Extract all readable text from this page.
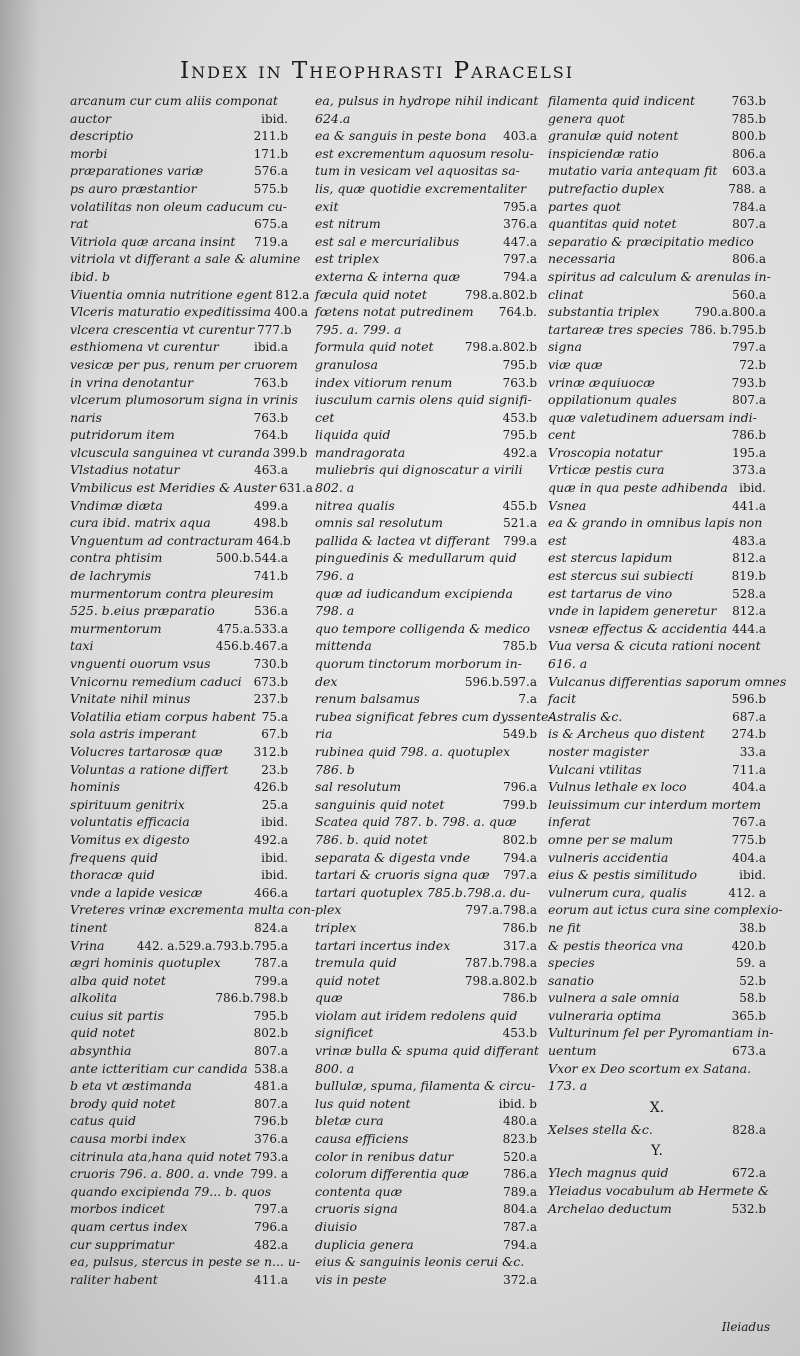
Index in Theophrasti Paracelsi
arcanum cur cum aliis componat
auctor	ibid.
descriptio	211.b
morbi	171.b
præparationes variæ	576.a
ps auro præstantior	575.b
volatilitas non oleum caducum cu-
rat	675.a
Vitriola quæ arcana insint 719.a
vitriola vt differant a sale & alumine
ibid. b
Viuentia omnia nutritione egent 812.a
Vlceris maturatio expeditissima 400.a
vlcera crescentia vt curentur 777.b
esthiomena vt curentur	ibid.a
vesicæ per pus, renum per cruorem
in vrina denotantur	763.b
vlcerum plumosorum signa in vrinis
naris	763.b
putridorum item	764.b
vlcuscula sanguinea vt curanda 399.b
Vlstadius notatur	463.a
Vmbilicus est Meridies & Auster 631.a
Vndimæ diæta	499.a
cura ibid. matrix aqua	498.b
Vnguentum ad contracturam 464.b
contra phtisim	500.b.544.a
de lachrymis	741.b
murmentorum contra pleuresim
525. b.eius præparatio	536.a
murmentorum	475.a.533.a
taxi	456.b.467.a
vnguenti ouorum vsus	730.b
Vnicornu remedium caduci 673.b
Vnitate nihil minus	237.b
Volatilia etiam corpus habent 75.a
sola astris imperant	67.b
Volucres tartarosæ quæ	312.b
Voluntas a ratione differt	23.b
hominis	426.b
spirituum genitrix	25.a
voluntatis efficacia	ibid.
Vomitus ex digesto	492.a
frequens quid	ibid.
thoracæ quid	ibid.
vnde a lapide vesicæ	466.a
Vreteres vrinæ excrementa multa con-
tinent	824.a
Vrina	442. a.529.a.793.b.795.a
ægri hominis quotuplex	787.a
alba quid notet	799.a
alkolita	786.b.798.b
cuius sit partis	795.b
quid notet	802.b
absynthia	807.a
ante ictteritiam cur candida 538.a
b eta vt æstimanda	481.a
brody quid notet	807.a
catus quid	796.b
causa morbi index	376.a
citrinula ata,hana quid notet 793.a
cruoris 796. a. 800. a. vnde 799. a
quando excipienda 79... b. quos
morbos indicet	797.a
quam certus index	796.a
cur supprimatur	482.a
ea, pulsus, stercus in peste se n... u-
raliter habent	411.a
ea, pulsus in hydrope nihil indicant
624.a
ea & sanguis in peste bona 403.a
est excrementum aquosum resolu-
tum in vesicam vel aquositas sa-
lis, quæ quotidie excrementaliter
exit	795.a
est nitrum	376.a
est sal e mercurialibus	447.a
est triplex	797.a
externa & interna quæ	794.a
fæcula quid notet	798.a.802.b
fœtens notat putredinem 764.b.
795. a. 799. a
formula quid notet	798.a.802.b
granulosa	795.b
index vitiorum renum	763.b
iusculum carnis olens quid signifi-
cet	453.b
liquida quid	795.b
mandragorata	492.a
muliebris qui dignoscatur a virili
802. a
nitrea qualis	455.b
omnis sal resolutum	521.a
pallida & lactea vt differant 799.a
pinguedinis & medullarum quid
796. a
quæ ad iudicandum excipienda
798. a
quo tempore colligenda & medico
mittenda	785.b
quorum tinctorum morborum in-
dex	596.b.597.a
renum balsamus	7.a
rubea significat febres cum dyssente-
ria	549.b
rubinea quid 798. a. quotuplex
786. b
sal resolutum	796.a
sanguinis quid notet	799.b
Scatea quid 787. b. 798. a. quæ
786. b. quid notet	802.b
separata & digesta vnde	794.a
tartari & cruoris signa quæ 797.a
tartari quotuplex 785.b.798.a. du-
plex	797.a.798.a
triplex	786.b
tartari incertus index	317.a
tremula quid	787.b.798.a
quid notet	798.a.802.b
quæ	786.b
violam aut iridem redolens quid
significet	453.b
vrinæ bulla & spuma quid differant
800. a
bullulæ, spuma, filamenta & circu-
lus quid notent	ibid. b
bletæ cura	480.a
causa efficiens	823.b
color in renibus datur	520.a
colorum differentia quæ	786.a
contenta quæ	789.a
cruoris signa	804.a
diuisio	787.a
duplicia genera	794.a
eius & sanguinis leonis cerui &c.
vis in peste	372.a
filamenta quid indicent	763.b
genera quot	785.b
granulæ quid notent	800.b
inspiciendæ ratio	806.a
mutatio varia antequam fit 603.a
putrefactio duplex	788. a
partes quot	784.a
quantitas quid notet	807.a
separatio & præcipitatio medico
necessaria	806.a
spiritus ad calculum & arenulas in-
clinat	560.a
substantia triplex	790.a.800.a
tartareæ tres species 786. b.795.b
signa	797.a
viæ quæ	72.b
vrinæ æquiuocæ	793.b
oppilationum quales	807.a
quæ valetudinem aduersam indi-
cent	786.b
Vroscopia notatur	195.a
Vrticæ pestis cura	373.a
quæ in qua peste adhibenda ibid.
Vsnea	441.a
ea & grando in omnibus lapis non
est	483.a
est stercus lapidum	812.a
est stercus sui subiecti	819.b
est tartarus de vino	528.a
vnde in lapidem generetur 812.a
vsneæ effectus & accidentia 444.a
Vua versa & cicuta rationi nocent
616. a
Vulcanus differentias saporum omnes
facit	596.b
Astralis &c.	687.a
is & Archeus quo distent 274.b
noster magister	33.a
Vulcani vtilitas	711.a
Vulnus lethale ex loco	404.a
leuissimum cur interdum mortem
inferat	767.a
omne per se malum	775.b
vulneris accidentia	404.a
eius & pestis similitudo	ibid.
vulnerum cura, qualis	412. a
eorum aut ictus cura sine complexio-
ne fit	38.b
& pestis theorica vna	420.b
species	59. a
sanatio	52.b
vulnera a sale omnia	58.b
vulneraria optima	365.b
Vulturinum fel per Pyromantiam in-
uentum	673.a
Vxor ex Deo scortum ex Satana.
173. a
X.
Xelses stella &c.	828.a
Y.
Ylech magnus quid	672.a
Yleiadus vocabulum ab Hermete &
Archelao deductum	532.b
Ileiadus
